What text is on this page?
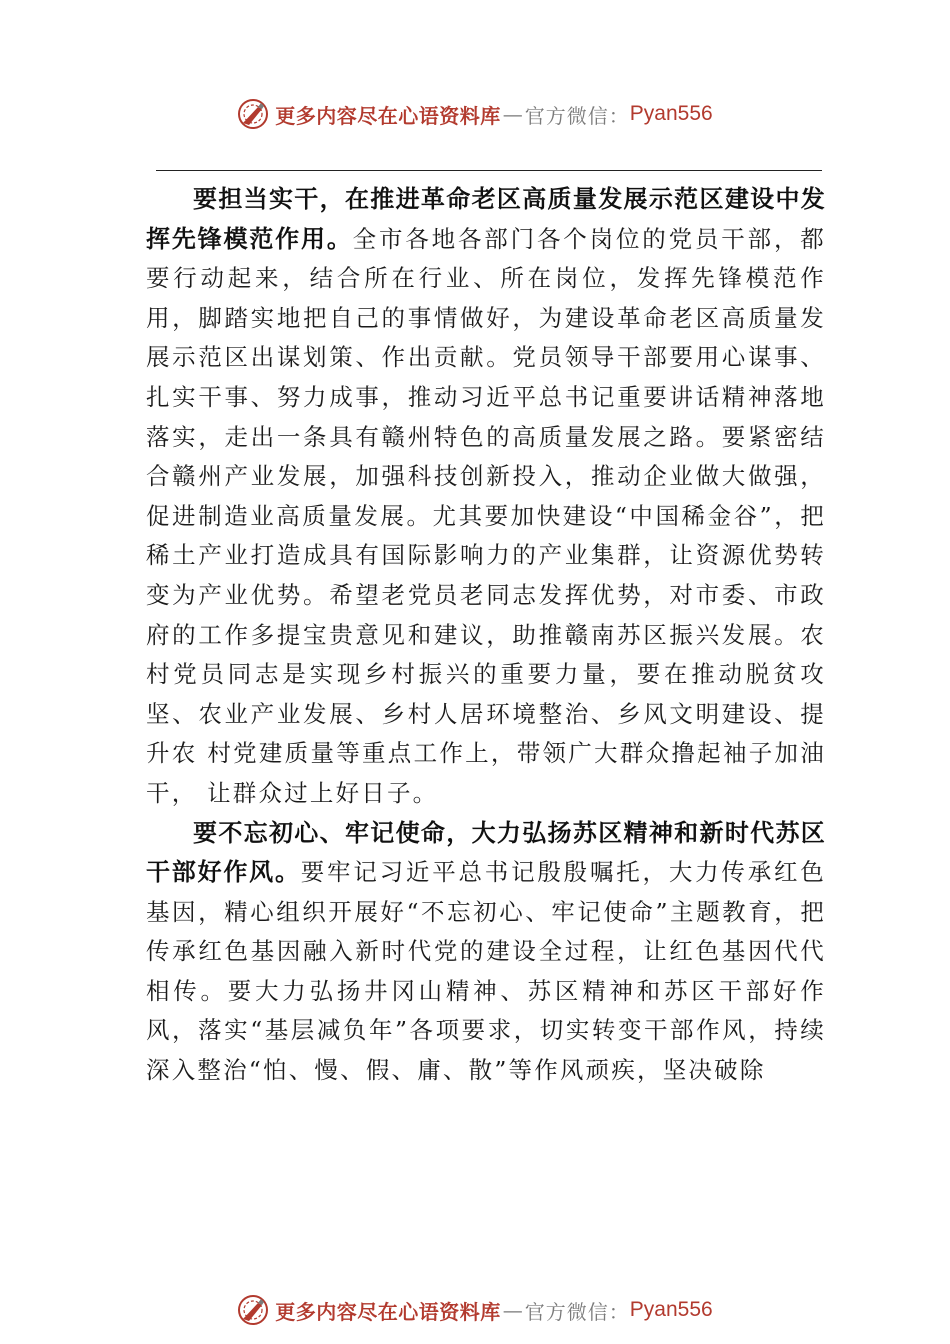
更多内容尽在心语资料库 — 官方微信： Pyan556

要担当实干，在推进革命老区高质量发展示范区建设中发挥先锋模范作用。全市各地各部门各个岗位的党员干部，都要行动起来，结合所在行业、所在岗位，发挥先锋模范作用，脚踏实地把自己的事情做好，为建设革命老区高质量发展示范区出谋划策、作出贡献。党员领导干部要用心谋事、扎实干事、努力成事，推动习近平总书记重要讲话精神落地落实，走出一条具有赣州特色的高质量发展之路。要紧密结合赣州产业发展，加强科技创新投入，推动企业做大做强，促进制造业高质量发展。尤其要加快建设“中国稀金谷”，把稀土产业打造成具有国际影响力的产业集群，让资源优势转 变为产业优势。希望老党员老同志发挥优势，对市委、市政 府的工作多提宝贵意见和建议，助推赣南苏区振兴发展。农 村党员同志是实现乡村振兴的重要力量，要在推动脱贫攻坚、农业产业发展、乡村人居环境整治、乡风文明建设、提升农 村党建质量等重点工作上，带领广大群众撸起袖子加油干， 让群众过上好日子。

要不忘初心、牢记使命，大力弘扬苏区精神和新时代苏区干部好作风。要牢记习近平总书记殷殷嘱托，大力传承红色基因，精心组织开展好“不忘初心、牢记使命”主题教育，把传承红色基因融入新时代党的建设全过程，让红色基因代代相传。要大力弘扬井冈山精神、苏区精神和苏区干部好作风，落实“基层减负年”各项要求，切实转变干部作风，持续深入整治“怕、慢、假、庸、散”等作风顽疾，坚决破除

更多内容尽在心语资料库 — 官方微信： Pyan556
